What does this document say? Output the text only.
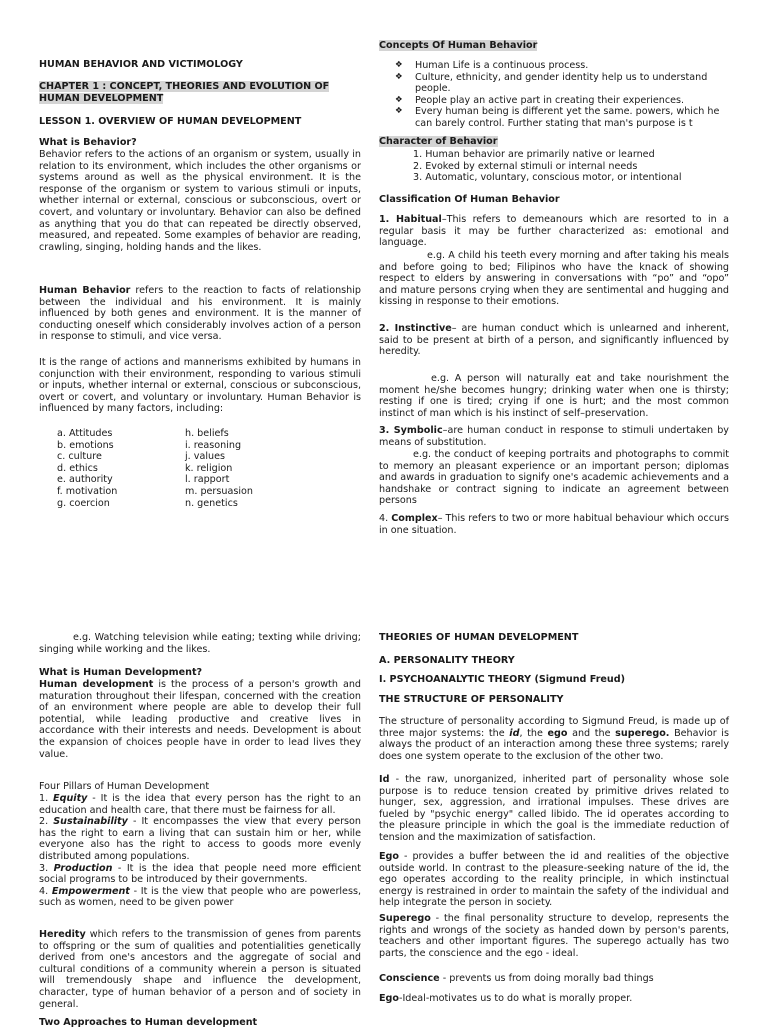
HUMAN BEHAVIOR AND VICTIMOLOGY

CHAPTER 1 : CONCEPT, THEORIES AND EVOLUTION OF HUMAN DEVELOPMENT

LESSON 1. OVERVIEW OF HUMAN DEVELOPMENT

What is Behavior?

Behavior refers to the actions of an organism or system, usually in relation to its environment, which includes the other organisms or systems around as well as the physical environment. It is the response of the organism or system to various stimuli or inputs, whether internal or external, conscious or subconscious, overt or covert, and voluntary or involuntary. Behavior can also be defined as anything that you do that can repeated be directly observed, measured, and repeated. Some examples of behavior are reading, crawling, singing, holding hands and the likes.

Human Behavior refers to the reaction to facts of relationship between the individual and his environment. It is mainly influenced by both genes and environment. It is the manner of conducting oneself which considerably involves action of a person in response to stimuli, and vice versa.

It is the range of actions and mannerisms exhibited by humans in conjunction with their environment, responding to various stimuli or inputs, whether internal or external, conscious or subconscious, overt or covert, and voluntary or involuntary. Human Behavior is influenced by many factors, including:

a. Attitudes
b. emotions
c. culture
d. ethics
e. authority
f. motivation
g. coercion
h. beliefs
i. reasoning
j. values
k. religion
l. rapport
m. persuasion
n. genetics

Concepts Of Human Behavior

❖ Human Life is a continuous process.
❖ Culture, ethnicity, and gender identity help us to understand people.
❖ People play an active part in creating their experiences.
❖ Every human being is different yet the same. powers, which he can barely control. Further stating that man's purpose is t

Character of Behavior

1. Human behavior are primarily native or learned
2. Evoked by external stimuli or internal needs
3. Automatic, voluntary, conscious motor, or intentional

Classification Of Human Behavior

1. Habitual–This refers to demeanours which are resorted to in a regular basis it may be further characterized as: emotional and language.

e.g. A child his teeth every morning and after taking his meals and before going to bed; Filipinos who have the knack of showing respect to elders by answering in conversations with “po” and “opo” and mature persons crying when they are sentimental and hugging and kissing in response to their emotions.

2. Instinctive– are human conduct which is unlearned and inherent, said to be present at birth of a person, and significantly influenced by heredity.

e.g. A person will naturally eat and take nourishment the moment he/she becomes hungry; drinking water when one is thirsty; resting if one is tired; crying if one is hurt; and the most common instinct of man which is his instinct of self–preservation.

3. Symbolic–are human conduct in response to stimuli undertaken by means of substitution.

e.g. the conduct of keeping portraits and photographs to commit to memory an pleasant experience or an important person; diplomas and awards in graduation to signify one's academic achievements and a handshake or contract signing to indicate an agreement between persons

4. Complex– This refers to two or more habitual behaviour which occurs in one situation.

e.g. Watching television while eating; texting while driving; singing while working and the likes.

What is Human Development?

Human development is the process of a person's growth and maturation throughout their lifespan, concerned with the creation of an environment where people are able to develop their full potential, while leading productive and creative lives in accordance with their interests and needs. Development is about the expansion of choices people have in order to lead lives they value.

Four Pillars of Human Development

1. Equity - It is the idea that every person has the right to an education and health care, that there must be fairness for all.

2. Sustainability - It encompasses the view that every person has the right to earn a living that can sustain him or her, while everyone also has the right to access to goods more evenly distributed among populations.

3. Production - It is the idea that people need more efficient social programs to be introduced by their governments.

4. Empowerment - It is the view that people who are powerless, such as women, need to be given power

Heredity which refers to the transmission of genes from parents to offspring or the sum of qualities and potentialities genetically derived from one's ancestors and the aggregate of social and cultural conditions of a community wherein a person is situated will tremendously shape and influence the development, character, type of human behavior of a person and of society in general.

Two Approaches to Human development

THEORIES OF HUMAN DEVELOPMENT

A. PERSONALITY THEORY

I. PSYCHOANALYTIC THEORY (Sigmund Freud)

THE STRUCTURE OF PERSONALITY

The structure of personality according to Sigmund Freud, is made up of three major systems: the id, the ego and the superego. Behavior is always the product of an interaction among these three systems; rarely does one system operate to the exclusion of the other two.

Id - the raw, unorganized, inherited part of personality whose sole purpose is to reduce tension created by primitive drives related to hunger, sex, aggression, and irrational impulses. These drives are fueled by "psychic energy" called libido. The id operates according to the pleasure principle in which the goal is the immediate reduction of tension and the maximization of satisfaction.

Ego - provides a buffer between the id and realities of the objective outside world. In contrast to the pleasure-seeking nature of the id, the ego operates according to the reality principle, in which instinctual energy is restrained in order to maintain the safety of the individual and help integrate the person in society.

Superego - the final personality structure to develop, represents the rights and wrongs of the society as handed down by person's parents, teachers and other important figures. The superego actually has two parts, the conscience and the ego - ideal.

Conscience - prevents us from doing morally bad things

Ego-Ideal-motivates us to do what is morally proper.
